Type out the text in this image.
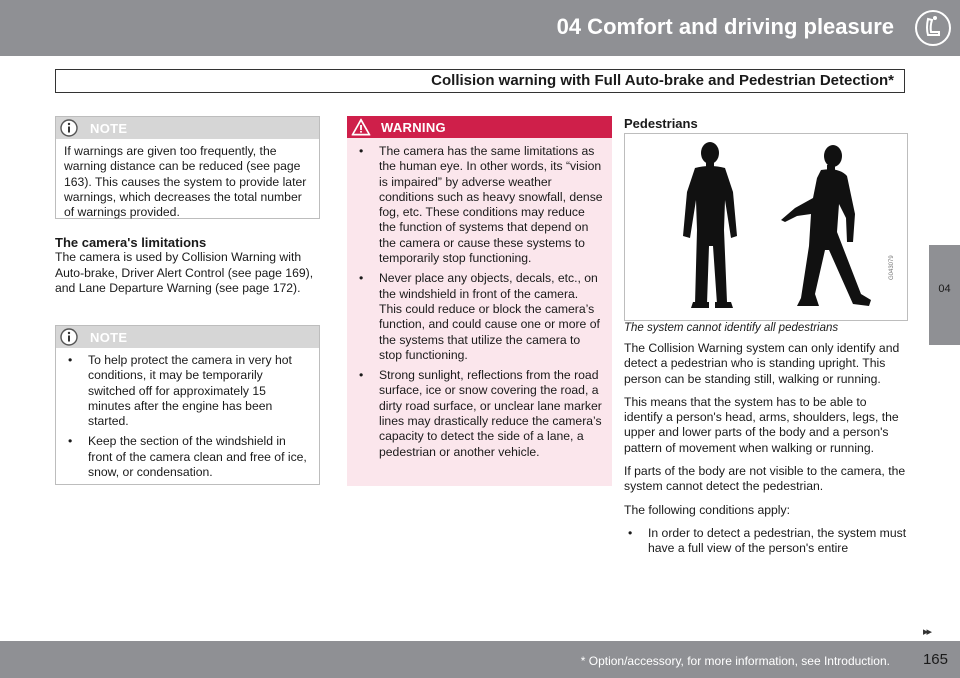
04 Comfort and driving pleasure
Collision warning with Full Auto-brake and Pedestrian Detection*
04
NOTE
If warnings are given too frequently, the warning distance can be reduced (see page 163). This causes the system to provide later warnings, which decreases the total number of warnings provided.
The camera's limitations
The camera is used by Collision Warning with Auto-brake, Driver Alert Control (see page 169), and Lane Departure Warning (see page 172).
NOTE
• To help protect the camera in very hot conditions, it may be temporarily switched off for approximately 15 minutes after the engine has been started.
• Keep the section of the windshield in front of the camera clean and free of ice, snow, or condensation.
WARNING
• The camera has the same limitations as the human eye. In other words, its “vision is impaired” by adverse weather conditions such as heavy snowfall, dense fog, etc. These conditions may reduce the function of systems that depend on the camera or cause these systems to temporarily stop functioning.
• Never place any objects, decals, etc., on the windshield in front of the camera. This could reduce or block the camera’s function, and could cause one or more of the systems that utilize the camera to stop functioning.
• Strong sunlight, reflections from the road surface, ice or snow covering the road, a dirty road surface, or unclear lane marker lines may drastically reduce the camera’s capacity to detect the side of a lane, a pedestrian or another vehicle.
Pedestrians
G043079
The system cannot identify all pedestrians

The Collision Warning system can only identify and detect a pedestrian who is standing upright. This person can be standing still, walking or running.

This means that the system has to be able to identify a person's head, arms, shoulders, legs, the upper and lower parts of the body and a person's pattern of movement when walking or running.

If parts of the body are not visible to the camera, the system cannot detect the pedestrian.

The following conditions apply:

• In order to detect a pedestrian, the system must have a full view of the person's entire
▸▸
* Option/accessory, for more information, see Introduction. 165
